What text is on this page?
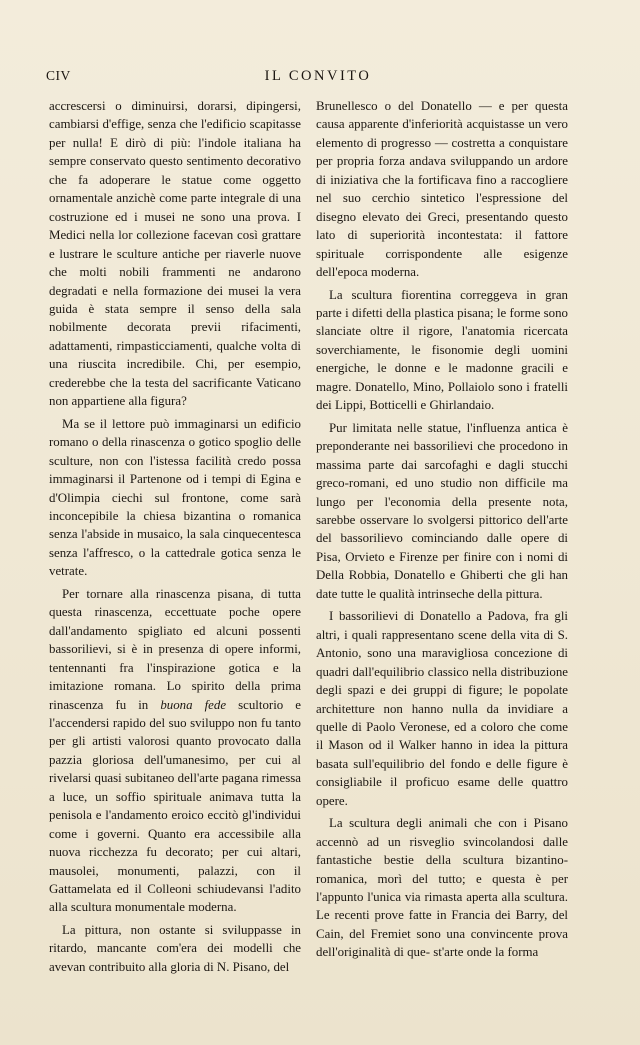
CIV	IL CONVITO

accrescersi o diminuirsi, dorarsi, dipingersi, cambiarsi d'effige, senza che l'edificio scapitasse per nulla! E dirò di più: l'indole italiana ha sempre conservato questo sentimento decorativo che fa adoperare le statue come oggetto ornamentale anzichè come parte integrale di una costruzione ed i musei ne sono una prova. I Medici nella lor collezione facevan così grattare e lustrare le sculture antiche per riaverle nuove che molti nobili frammenti ne andarono degradati e nella formazione dei musei la vera guida è stata sempre il senso della sala nobilmente decorata previi rifacimenti, adattamenti, rimpasticciamenti, qualche volta di una riuscita incredibile. Chi, per esempio, crederebbe che la testa del sacrificante Vaticano non appartiene alla figura?

Ma se il lettore può immaginarsi un edificio romano o della rinascenza o gotico spoglio delle sculture, non con l'istessa facilità credo possa immaginarsi il Partenone od i tempi di Egina e d'Olimpia ciechi sul frontone, come sarà inconcepibile la chiesa bizantina o romanica senza l'abside in musaico, la sala cinquecentesca senza l'affresco, o la cattedrale gotica senza le vetrate.

Per tornare alla rinascenza pisana, di tutta questa rinascenza, eccettuate poche opere dall'andamento spigliato ed alcuni possenti bassorilievi, si è in presenza di opere informi, tentennanti fra l'inspirazione gotica e la imitazione romana. Lo spirito della prima rinascenza fu in buona fede scultorio e l'accendersi rapido del suo sviluppo non fu tanto per gli artisti valorosi quanto provocato dalla pazzia gloriosa dell'umanesimo, per cui al rivelarsi quasi subitaneo dell'arte pagana rimessa a luce, un soffio spirituale animava tutta la penisola e l'andamento eroico eccitò gl'individui come i governi. Quanto era accessibile alla nuova ricchezza fu decorato; per cui altari, mausolei, monumenti, palazzi, con il Gattamelata ed il Colleoni schiudevansi l'adito alla scultura monumentale moderna.

La pittura, non ostante si sviluppasse in ritardo, mancante com'era dei modelli che avevan contribuito alla gloria di N. Pisano, del

Brunellesco o del Donatello — e per questa causa apparente d'inferiorità acquistasse un vero elemento di progresso — costretta a conquistare per propria forza andava sviluppando un ardore di iniziativa che la fortificava fino a raccogliere nel suo cerchio sintetico l'espressione del disegno elevato dei Greci, presentando questo lato di superiorità incontestata: il fattore spirituale corrispondente alle esigenze dell'epoca moderna.

La scultura fiorentina correggeva in gran parte i difetti della plastica pisana; le forme sono slanciate oltre il rigore, l'anatomia ricercata soverchiamente, le fisonomie degli uomini energiche, le donne e le madonne gracili e magre. Donatello, Mino, Pollaiolo sono i fratelli dei Lippi, Botticelli e Ghirlandaio.

Pur limitata nelle statue, l'influenza antica è preponderante nei bassorilievi che procedono in massima parte dai sarcofaghi e dagli stucchi greco-romani, ed uno studio non difficile ma lungo per l'economia della presente nota, sarebbe osservare lo svolgersi pittorico dell'arte del bassorilievo cominciando dalle opere di Pisa, Orvieto e Firenze per finire con i nomi di Della Robbia, Donatello e Ghiberti che gli han date tutte le qualità intrinseche della pittura.

I bassorilievi di Donatello a Padova, fra gli altri, i quali rappresentano scene della vita di S. Antonio, sono una maravigliosa concezione di quadri dall'equilibrio classico nella distribuzione degli spazi e dei gruppi di figure; le popolate architetture non hanno nulla da invidiare a quelle di Paolo Veronese, ed a coloro che come il Mason od il Walker hanno in idea la pittura basata sull'equilibrio del fondo e delle figure è consigliabile il proficuo esame delle quattro opere.

La scultura degli animali che con i Pisano accennò ad un risveglio svincolandosi dalle fantastiche bestie della scultura bizantino-romanica, morì del tutto; e questa è per l'appunto l'unica via rimasta aperta alla scultura. Le recenti prove fatte in Francia dei Barry, del Cain, del Fremiet sono una convincente prova dell'originalità di que- st'arte onde la forma
